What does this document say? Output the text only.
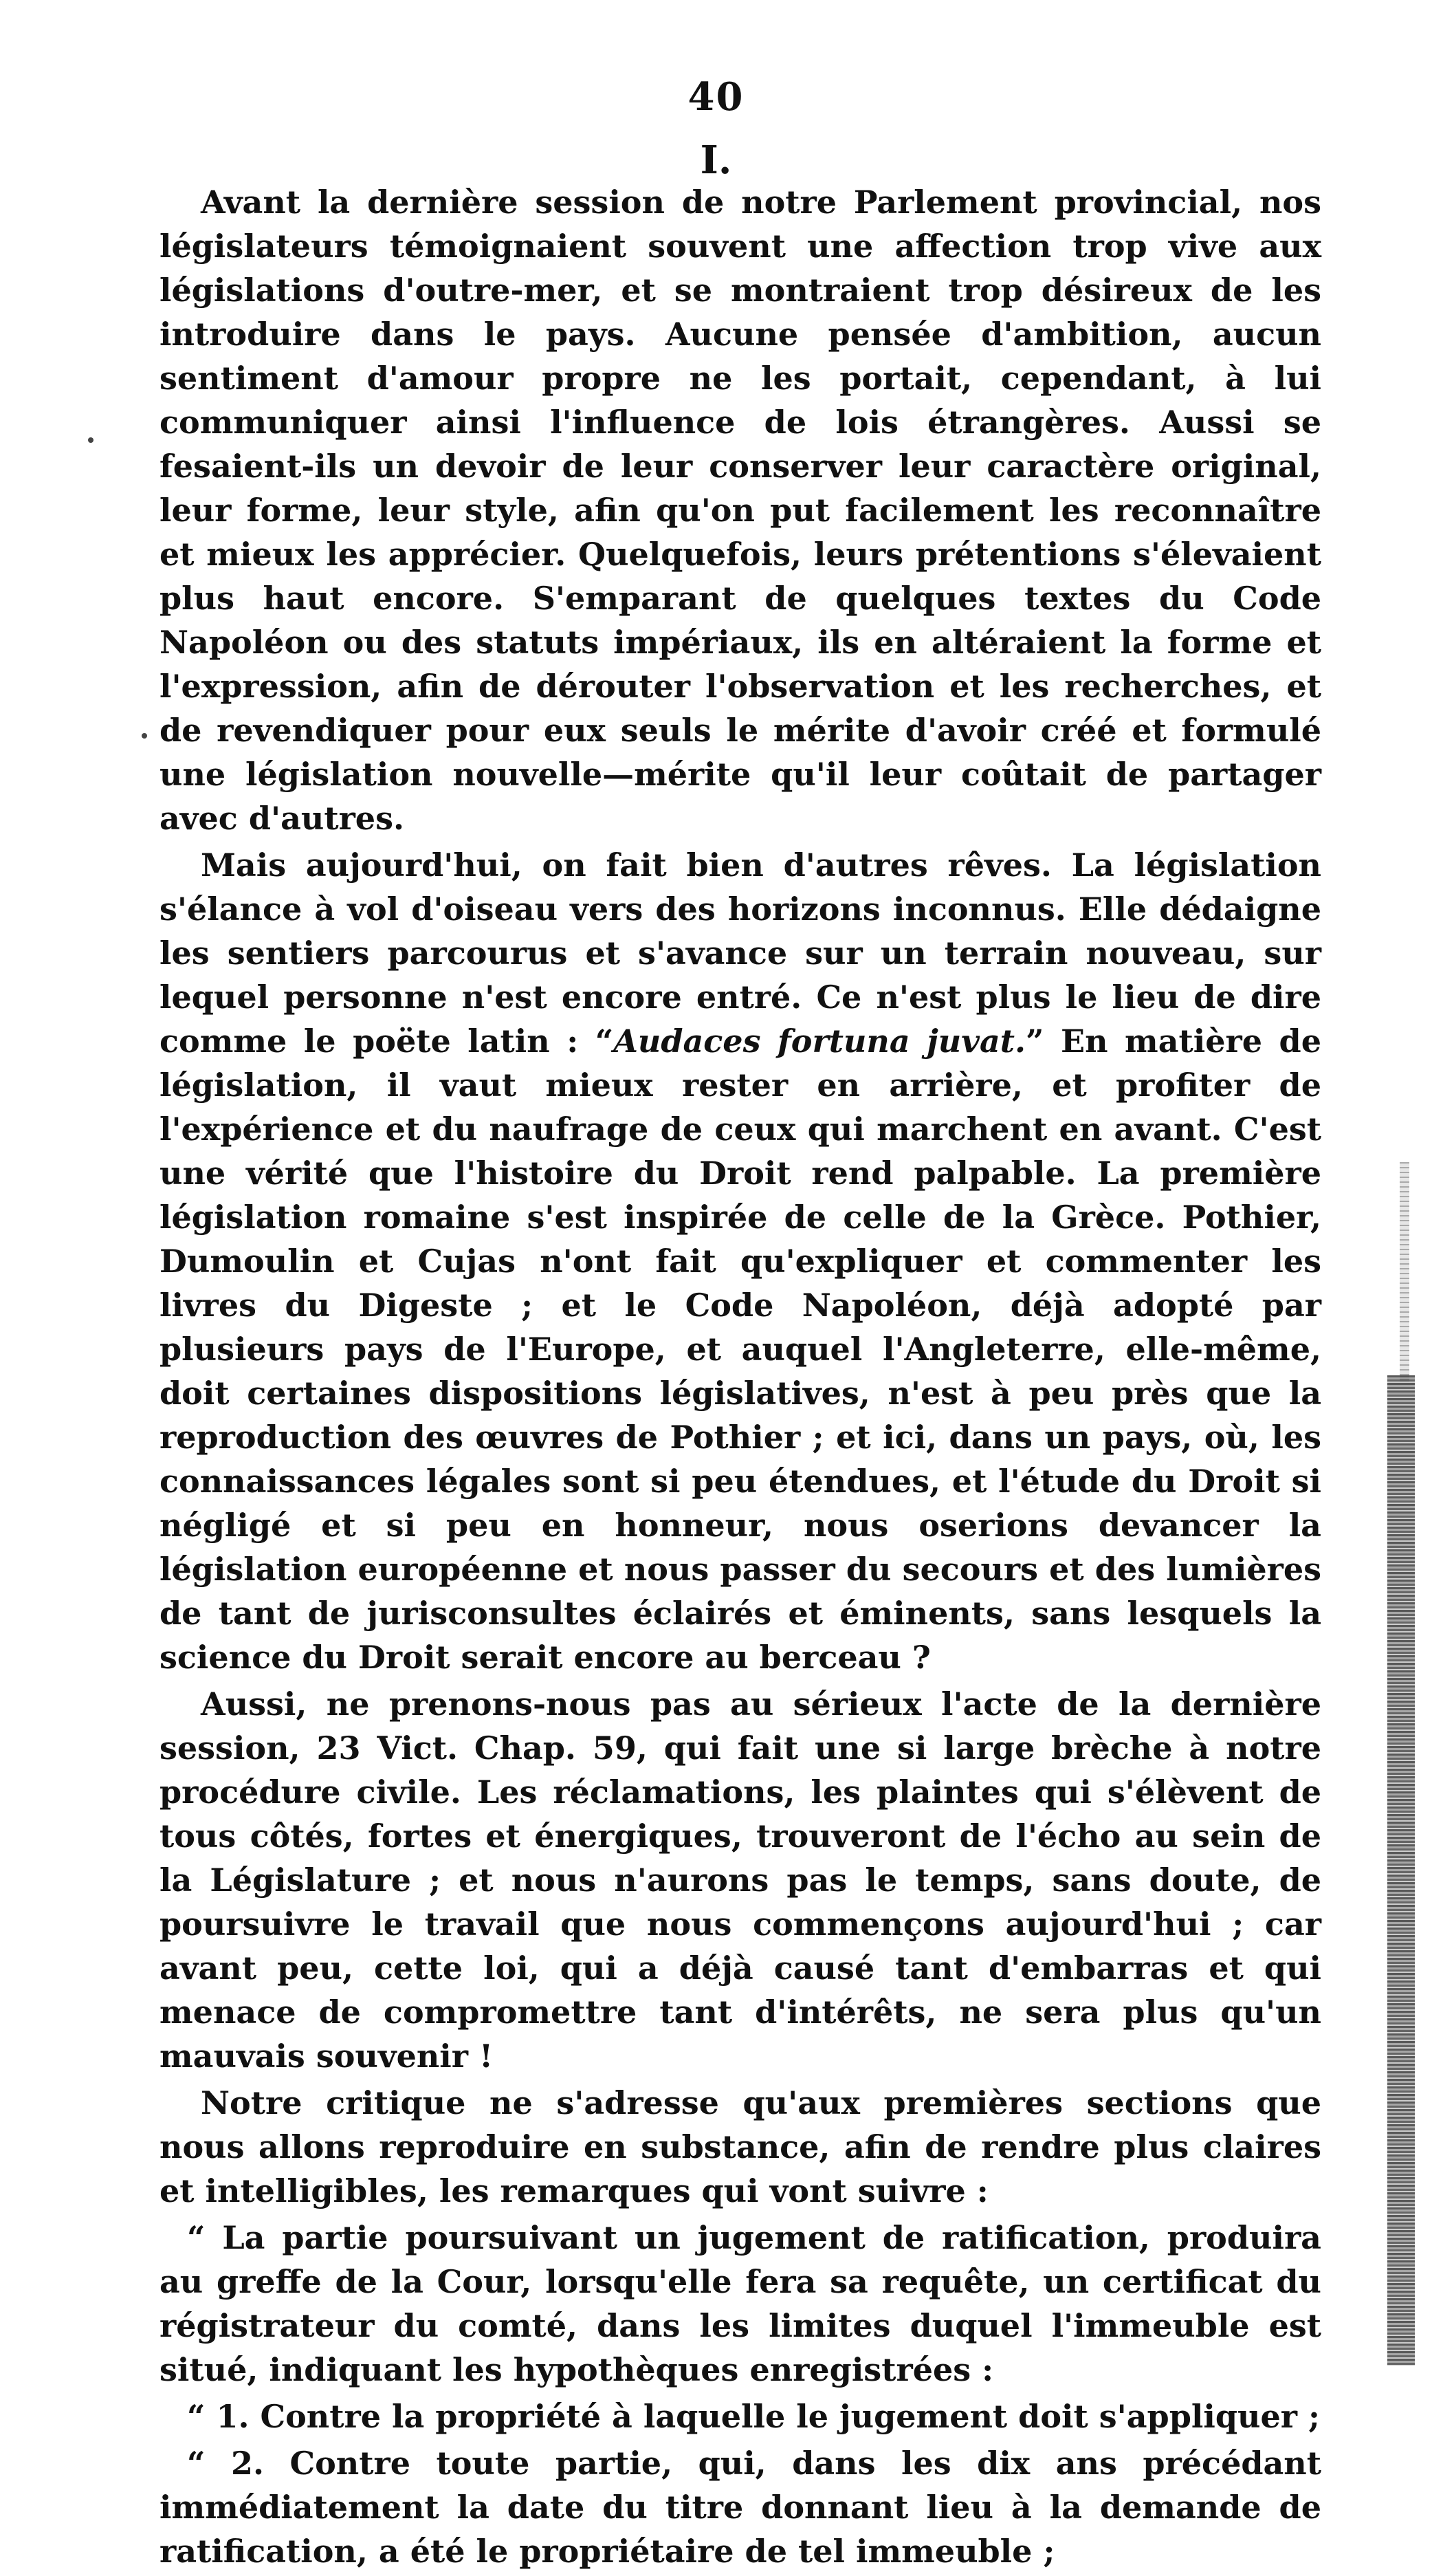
40
I.

Avant la dernière session de notre Parlement provincial, nos législateurs témoignaient souvent une affection trop vive aux législations d'outre-mer, et se montraient trop désireux de les introduire dans le pays. Aucune pensée d'ambition, aucun sentiment d'amour propre ne les portait, cependant, à lui communiquer ainsi l'influence de lois étrangères. Aussi se fesaient-ils un devoir de leur conserver leur caractère original, leur forme, leur style, afin qu'on put facilement les reconnaître et mieux les apprécier. Quelquefois, leurs prétentions s'élevaient plus haut encore. S'emparant de quelques textes du Code Napoléon ou des statuts impériaux, ils en altéraient la forme et l'expression, afin de dérouter l'observation et les recherches, et de revendiquer pour eux seuls le mérite d'avoir créé et formulé une législation nouvelle—mérite qu'il leur coûtait de partager avec d'autres.

Mais aujourd'hui, on fait bien d'autres rêves. La législation s'élance à vol d'oiseau vers des horizons inconnus. Elle dédaigne les sentiers parcourus et s'avance sur un terrain nouveau, sur lequel personne n'est encore entré. Ce n'est plus le lieu de dire comme le poëte latin : “Audaces fortuna juvat.” En matière de législation, il vaut mieux rester en arrière, et profiter de l'expérience et du naufrage de ceux qui marchent en avant. C'est une vérité que l'histoire du Droit rend palpable. La première législation romaine s'est inspirée de celle de la Grèce. Pothier, Dumoulin et Cujas n'ont fait qu'expliquer et commenter les livres du Digeste ; et le Code Napoléon, déjà adopté par plusieurs pays de l'Europe, et auquel l'Angleterre, elle-même, doit certaines dispositions législatives, n'est à peu près que la reproduction des œuvres de Pothier ; et ici, dans un pays, où, les connaissances légales sont si peu étendues, et l'étude du Droit si négligé et si peu en honneur, nous oserions devancer la législation européenne et nous passer du secours et des lumières de tant de jurisconsultes éclairés et éminents, sans lesquels la science du Droit serait encore au berceau ?

Aussi, ne prenons-nous pas au sérieux l'acte de la dernière session, 23 Vict. Chap. 59, qui fait une si large brèche à notre procédure civile. Les réclamations, les plaintes qui s'élèvent de tous côtés, fortes et énergiques, trouveront de l'écho au sein de la Législature ; et nous n'aurons pas le temps, sans doute, de poursuivre le travail que nous commençons aujourd'hui ; car avant peu, cette loi, qui a déjà causé tant d'embarras et qui menace de compromettre tant d'intérêts, ne sera plus qu'un mauvais souvenir !

Notre critique ne s'adresse qu'aux premières sections que nous allons reproduire en substance, afin de rendre plus claires et intelligibles, les remarques qui vont suivre :

“ La partie poursuivant un jugement de ratification, produira au greffe de la Cour, lorsqu'elle fera sa requête, un certificat du régistrateur du comté, dans les limites duquel l'immeuble est situé, indiquant les hypothèques enregistrées :

“ 1. Contre la propriété à laquelle le jugement doit s'appliquer ;

“ 2. Contre toute partie, qui, dans les dix ans précédant immédiatement la date du titre donnant lieu à la demande de ratification, a été le propriétaire de tel immeuble ;
